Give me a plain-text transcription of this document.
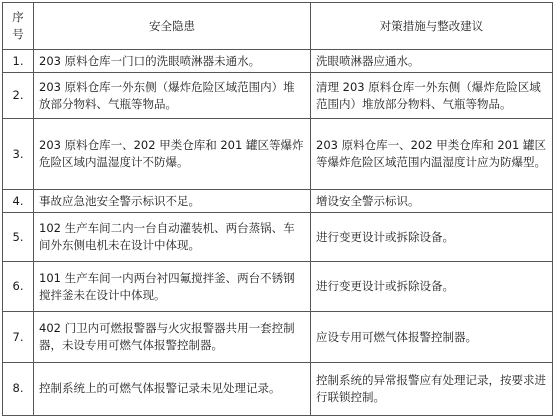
序
号	安全隐患	对策措施与整改建议
1.	203 原料仓库一门口的洗眼喷淋器未通水。	洗眼喷淋器应通水。
2.	203 原料仓库一外东侧（爆炸危险区域范围内）堆放部分物料、气瓶等物品。	清理 203 原料仓库一外东侧（爆炸危险区域范围内）堆放部分物料、气瓶等物品。
3.	203 原料仓库一、202 甲类仓库和 201 罐区等爆炸危险区域内温湿度计不防爆。	203 原料仓库一、202 甲类仓库和 201 罐区等爆炸危险区域范围内温湿度计应为防爆型。
4.	事故应急池安全警示标识不足。	增设安全警示标识。
5.	102 生产车间二内一台自动灌装机、两台蒸锅、车间外东侧电机未在设计中体现。	进行变更设计或拆除设备。
6.	101 生产车间一内两台衬四氟搅拌釜、两台不锈钢搅拌釜未在设计中体现。	进行变更设计或拆除设备。
7.	402 门卫内可燃报警器与火灾报警器共用一套控制器，未设专用可燃气体报警控制器。	应设专用可燃气体报警控制器。
8.	控制系统上的可燃气体报警记录未见处理记录。	控制系统的异常报警应有处理记录，按要求进行联锁控制。
